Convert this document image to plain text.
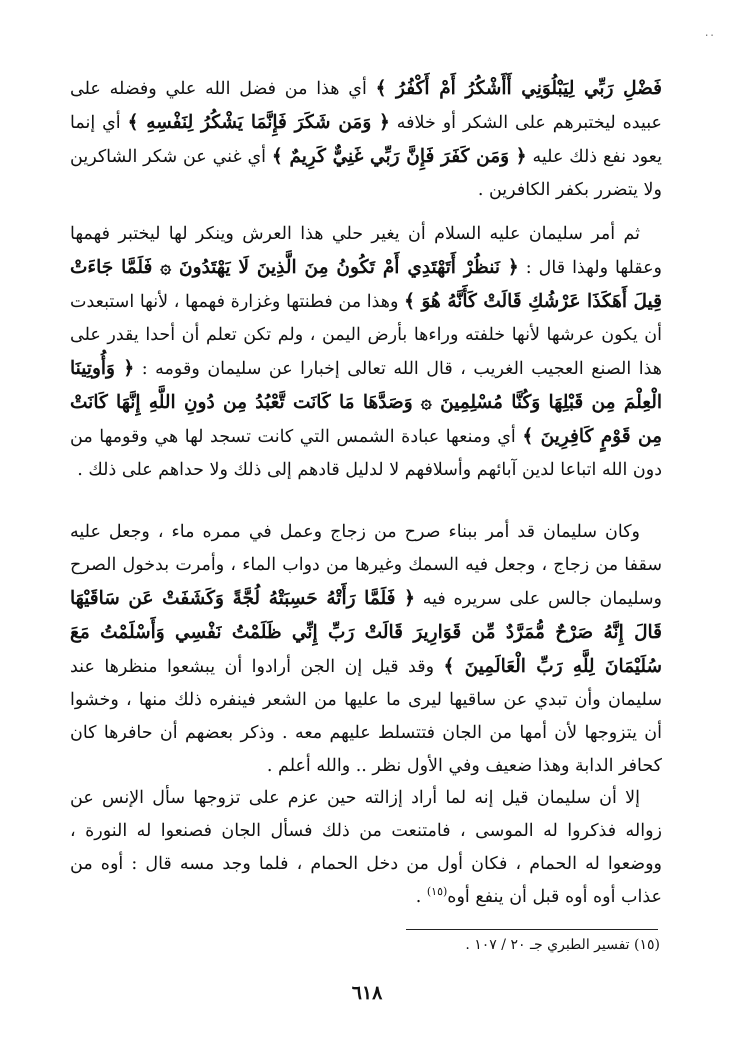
٠٠

فَضْلِ رَبِّي لِيَبْلُوَنِي أَأَشْكُرُ أَمْ أَكْفُرُ ﴾ أي هذا من فضل الله علي وفضله على عبيده ليختبرهم على الشكر أو خلافه ﴿ وَمَن شَكَرَ فَإِنَّمَا يَشْكُرُ لِنَفْسِهِ ﴾ أي إنما يعود نفع ذلك عليه ﴿ وَمَن كَفَرَ فَإِنَّ رَبِّي غَنِيٌّ كَرِيمٌ ﴾ أي غني عن شكر الشاكرين ولا يتضرر بكفر الكافرين .

ثم أمر سليمان عليه السلام أن يغير حلي هذا العرش وينكر لها ليختبر فهمها وعقلها ولهذا قال : ﴿ نَنظُرْ أَتَهْتَدِي أَمْ تَكُونُ مِنَ الَّذِينَ لَا يَهْتَدُونَ ۞ فَلَمَّا جَاءَتْ قِيلَ أَهَكَذَا عَرْشُكِ قَالَتْ كَأَنَّهُ هُوَ ﴾ وهذا من فطنتها وغزارة فهمها ، لأنها استبعدت أن يكون عرشها لأنها خلفته وراءها بأرض اليمن ، ولم تكن تعلم أن أحدا يقدر على هذا الصنع العجيب الغريب ، قال الله تعالى إخبارا عن سليمان وقومه : ﴿ وَأُوتِينَا الْعِلْمَ مِن قَبْلِهَا وَكُنَّا مُسْلِمِينَ ۞ وَصَدَّهَا مَا كَانَت تَّعْبُدُ مِن دُونِ اللَّهِ إِنَّهَا كَانَتْ مِن قَوْمٍ كَافِرِينَ ﴾ أي ومنعها عبادة الشمس التي كانت تسجد لها هي وقومها من دون الله اتباعا لدين آبائهم وأسلافهم لا لدليل قادهم إلى ذلك ولا حداهم على ذلك .

وكان سليمان قد أمر ببناء صرح من زجاج وعمل في ممره ماء ، وجعل عليه سقفا من زجاج ، وجعل فيه السمك وغيرها من دواب الماء ، وأمرت بدخول الصرح وسليمان جالس على سريره فيه ﴿ فَلَمَّا رَأَتْهُ حَسِبَتْهُ لُجَّةً وَكَشَفَتْ عَن سَاقَيْهَا قَالَ إِنَّهُ صَرْحٌ مُّمَرَّدٌ مِّن قَوَارِيرَ قَالَتْ رَبِّ إِنِّي ظَلَمْتُ نَفْسِي وَأَسْلَمْتُ مَعَ سُلَيْمَانَ لِلَّهِ رَبِّ الْعَالَمِينَ ﴾ وقد قيل إن الجن أرادوا أن يبشعوا منظرها عند سليمان وأن تبدي عن ساقيها ليرى ما عليها من الشعر فينفره ذلك منها ، وخشوا أن يتزوجها لأن أمها من الجان فتتسلط عليهم معه . وذكر بعضهم أن حافرها كان كحافر الدابة وهذا ضعيف وفي الأول نظر .. والله أعلم .

إلا أن سليمان قيل إنه لما أراد إزالته حين عزم على تزوجها سأل الإنس عن زواله فذكروا له الموسى ، فامتنعت من ذلك فسأل الجان فصنعوا له النورة ، ووضعوا له الحمام ، فكان أول من دخل الحمام ، فلما وجد مسه قال : أوه من عذاب أوه أوه قبل أن ينفع أوه$^{(١٥)}$ .

(١٥) تفسير الطبري جـ ٢٠ / ١٠٧ .
٦١٨
